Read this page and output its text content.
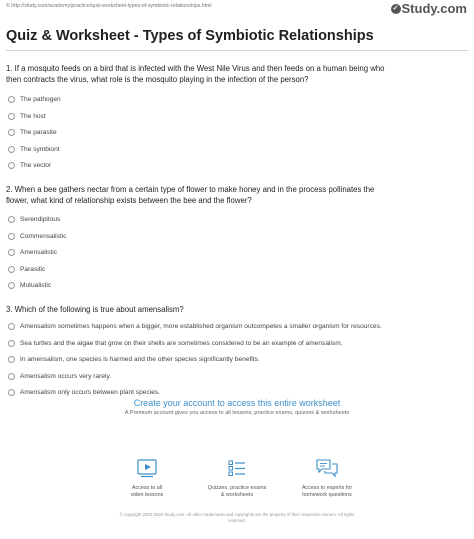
© http://study.com/academy/practice/quiz-worksheet-types-of-symbiotic-relationships.html	✓ Study.com
Quiz & Worksheet - Types of Symbiotic Relationships
1. If a mosquito feeds on a bird that is infected with the West Nile Virus and then feeds on a human being who
then contracts the virus, what role is the mosquito playing in the infection of the person?
The pathogen
The host
The parasite
The symbiont
The vector
2. When a bee gathers nectar from a certain type of flower to make honey and in the process pollinates the
flower, what kind of relationship exists between the bee and the flower?
Serendipitous
Commensalistic
Amensalistic
Parasitic
Mutualistic
3. Which of the following is true about amensalism?
Amensalism sometimes happens when a bigger, more established organism outcompetes a smaller organism for resources.
Sea turtles and the algae that grow on their shells are sometimes considered to be an example of amensalism.
In amensalism, one species is harmed and the other species significantly benefits.
Amensalism occurs very rarely.
Amensalism only occurs between plant species.
Create your account to access this entire worksheet
A Premium account gives you access to all lessons, practice exams, quizzes & worksheets
Access to all
video lessons
Quizzes, practice exams
& worksheets
Access to experts for
homework questions
© copyright 2003-2020 Study.com. All other trademarks and copyrights are the property of their respective owners. All rights
reserved.
